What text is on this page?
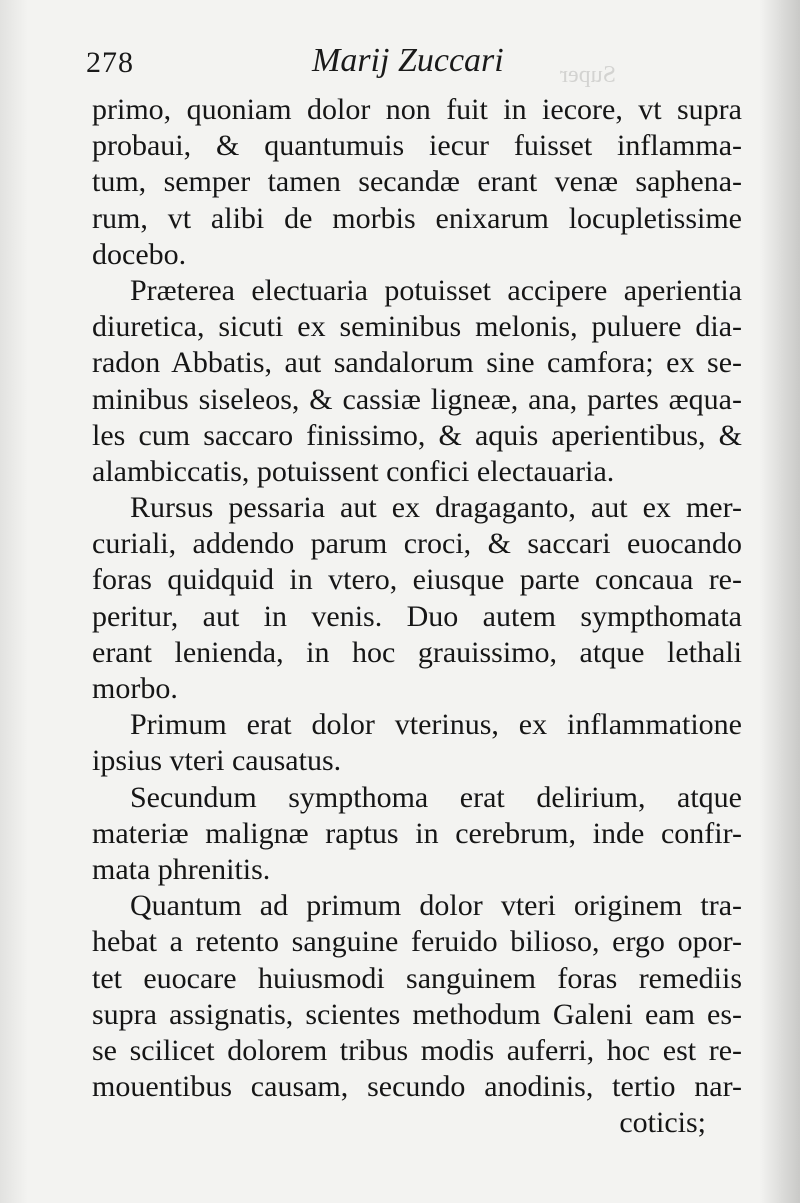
Super
278	Marij Zuccari
primo, quoniam dolor non fuit in iecore, vt supra
probaui, & quantumuis iecur fuisset inflamma-
tum, semper tamen secandæ erant venæ saphena-
rum, vt alibi de morbis enixarum locupletissime
docebo.
Præterea electuaria potuisset accipere aperientia
diuretica, sicuti ex seminibus melonis, puluere dia-
radon Abbatis, aut sandalorum sine camfora; ex se-
minibus siseleos, & cassiæ ligneæ, ana, partes æqua-
les cum saccaro finissimo, & aquis aperientibus, &
alambiccatis, potuissent confici electauaria.
Rursus pessaria aut ex dragaganto, aut ex mer-
curiali, addendo parum croci, & saccari euocando
foras quidquid in vtero, eiusque parte concaua re-
peritur, aut in venis. Duo autem sympthomata
erant lenienda, in hoc grauissimo, atque lethali
morbo.
Primum erat dolor vterinus, ex inflammatione
ipsius vteri causatus.
Secundum sympthoma erat delirium, atque
materiæ malignæ raptus in cerebrum, inde confir-
mata phrenitis.
Quantum ad primum dolor vteri originem tra-
hebat a retento sanguine feruido bilioso, ergo opor-
tet euocare huiusmodi sanguinem foras remediis
supra assignatis, scientes methodum Galeni eam es-
se scilicet dolorem tribus modis auferri, hoc est re-
mouentibus causam, secundo anodinis, tertio nar-
coticis;
